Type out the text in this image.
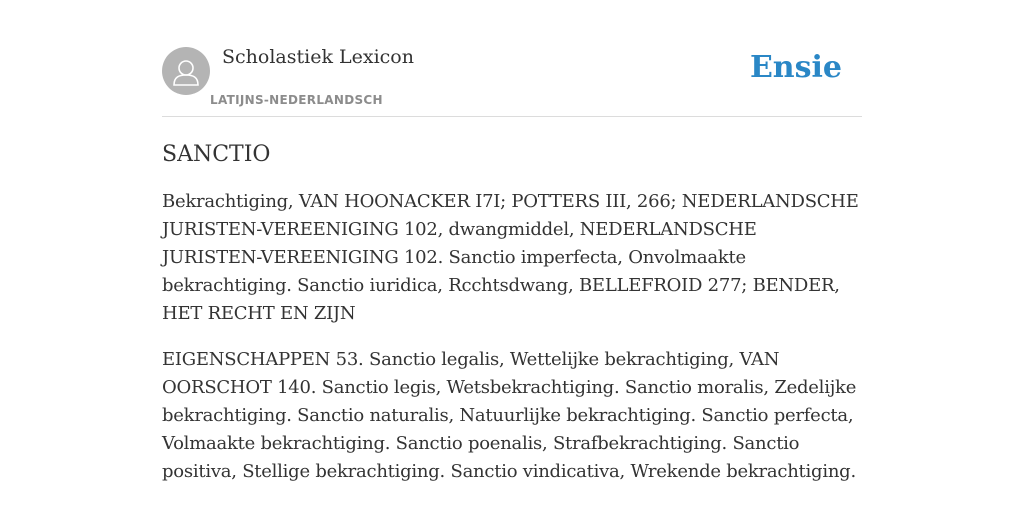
Scholastiek Lexicon
LATIJNS-NEDERLANDSCH
Ensie
SANCTIO

Bekrachtiging, VAN HOONACKER I7I; POTTERS III, 266; NEDERLANDSCHE JURISTEN-VEREENIGING 102, dwangmiddel, NEDERLANDSCHE JURISTEN-VEREENIGING 102. Sanctio imperfecta, Onvolmaakte bekrachtiging. Sanctio iuridica, Rcchtsdwang, BELLEFROID 277; BENDER, HET RECHT EN ZIJN

EIGENSCHAPPEN 53. Sanctio legalis, Wettelijke bekrachtiging, VAN OORSCHOT 140. Sanctio legis, Wetsbekrachtiging. Sanctio moralis, Zedelijke bekrachtiging. Sanctio naturalis, Natuurlijke bekrachtiging. Sanctio perfecta, Volmaakte bekrachtiging. Sanctio poenalis, Strafbekrachtiging. Sanctio positiva, Stellige bekrachtiging. Sanctio vindicativa, Wrekende bekrachtiging.
